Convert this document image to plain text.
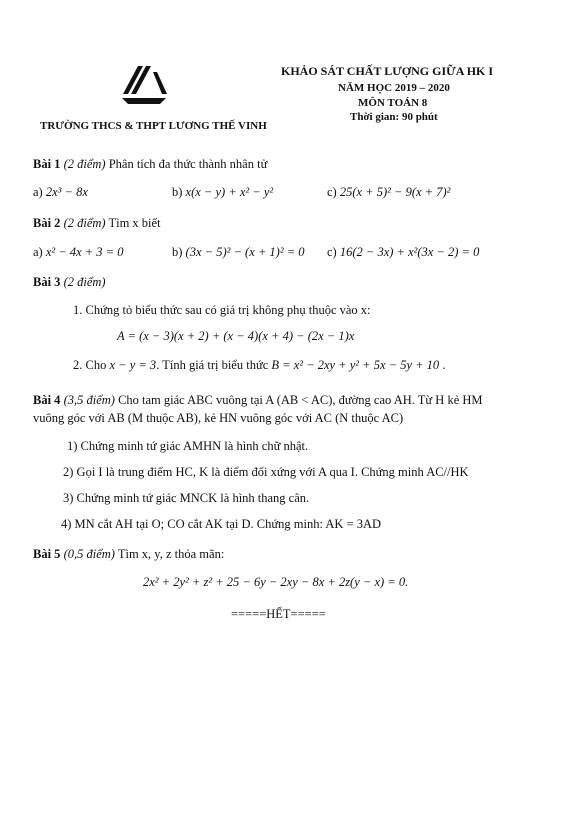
TRƯỜNG THCS & THPT LƯƠNG THẾ VINH
KHẢO SÁT CHẤT LƯỢNG GIỮA HK I
NĂM HỌC 2019 – 2020
MÔN TOÁN 8
Thời gian: 90 phút
Bài 1 (2 điểm) Phân tích đa thức thành nhân tử
a) 2x³ − 8x	b) x(x − y) + x² − y²	c) 25(x + 5)² − 9(x + 7)²
Bài 2 (2 điểm) Tìm x biết
a) x² − 4x + 3 = 0	b) (3x − 5)² − (x + 1)² = 0 c) 16(2 − 3x) + x²(3x − 2) = 0
Bài 3 (2 điểm)
1. Chứng tỏ biểu thức sau có giá trị không phụ thuộc vào x:
A = (x − 3)(x + 2) + (x − 4)(x + 4) − (2x − 1)x
2. Cho x − y = 3. Tính giá trị biểu thức B = x² − 2xy + y² + 5x − 5y + 10 .
Bài 4 (3,5 điểm) Cho tam giác ABC vuông tại A (AB < AC), đường cao AH. Từ H kẻ HM
vuông góc với AB (M thuộc AB), kẻ HN vuông góc với AC (N thuộc AC)
1) Chứng minh tứ giác AMHN là hình chữ nhật.
2) Gọi I là trung điểm HC, K là điểm đối xứng với A qua I. Chứng minh AC//HK
3) Chứng minh tứ giác MNCK là hình thang cân.
4) MN cắt AH tại O; CO cắt AK tại D. Chứng minh: AK = 3AD
Bài 5 (0,5 điểm) Tìm x, y, z thỏa mãn:
2x² + 2y² + z² + 25 − 6y − 2xy − 8x + 2z(y − x) = 0.
=====HẾT=====
